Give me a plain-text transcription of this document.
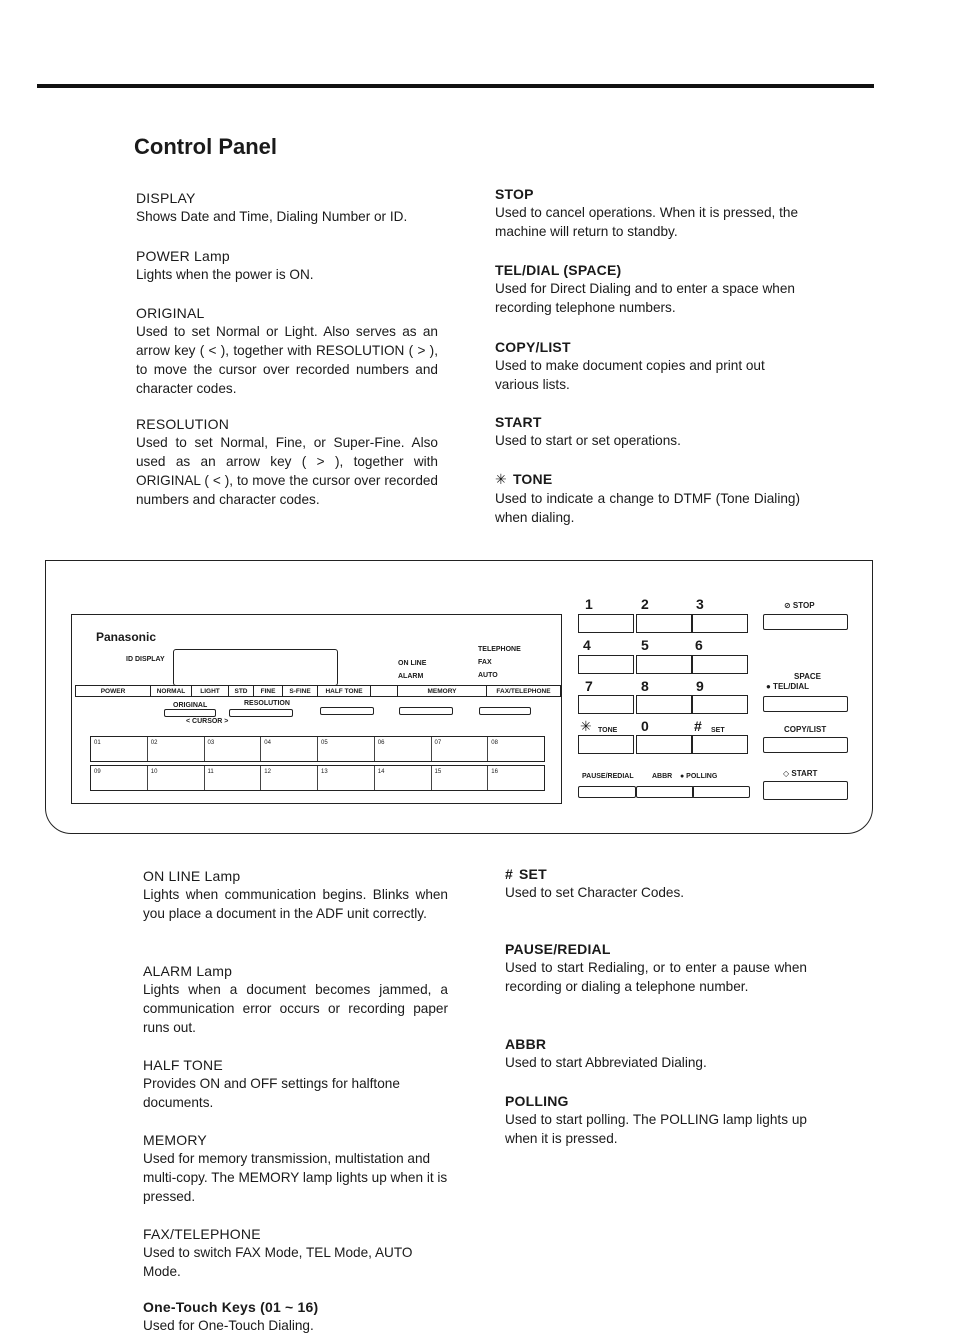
Control Panel
DISPLAY
Shows Date and Time, Dialing Number or ID.
POWER Lamp
Lights when the power is ON.
ORIGINAL
Used to set Normal or Light. Also serves as an arrow key ( < ), together with RESOLUTION ( > ), to move the cursor over recorded numbers and character codes.
RESOLUTION
Used to set Normal, Fine, or Super-Fine. Also used as an arrow key ( > ), together with ORIGINAL ( < ), to move the cursor over recorded numbers and character codes.
STOP
Used to cancel operations. When it is pressed, the machine will return to standby.
TEL/DIAL (SPACE)
Used for Direct Dialing and to enter a space when recording telephone numbers.
COPY/LIST
Used to make document copies and print out various lists.
START
Used to start or set operations.
✳ TONE
Used to indicate a change to DTMF (Tone Dialing) when dialing.
Panasonic
ID DISPLAY
ON LINE
ALARM
TELEPHONE
FAX
AUTO
POWER	NORMAL	LIGHT	STD	FINE	S-FINE	HALF TONE	MEMORY	FAX/TELEPHONE
ORIGINAL	RESOLUTION
< CURSOR >
01	02	03	04	05	06	07	08
09	10	11	12	13	14	15	16
1	2	3
4	5	6
7	8	9
✳ TONE 0	# SET
PAUSE/REDIAL	ABBR ● POLLING
⊘ STOP
SPACE
● TEL/DIAL
COPY/LIST
◇ START
ON LINE Lamp
Lights when communication begins. Blinks when you place a document in the ADF unit correctly.
ALARM Lamp
Lights when a document becomes jammed, a communication error occurs or recording paper runs out.
HALF TONE
Provides ON and OFF settings for halftone documents.
MEMORY
Used for memory transmission, multistation and multi-copy. The MEMORY lamp lights up when it is pressed.
FAX/TELEPHONE
Used to switch FAX Mode, TEL Mode, AUTO Mode.
One-Touch Keys (01 ~ 16)
Used for One-Touch Dialing.
# SET
Used to set Character Codes.
PAUSE/REDIAL
Used to start Redialing, or to enter a pause when recording or dialing a telephone number.
ABBR
Used to start Abbreviated Dialing.
POLLING
Used to start polling. The POLLING lamp lights up when it is pressed.
